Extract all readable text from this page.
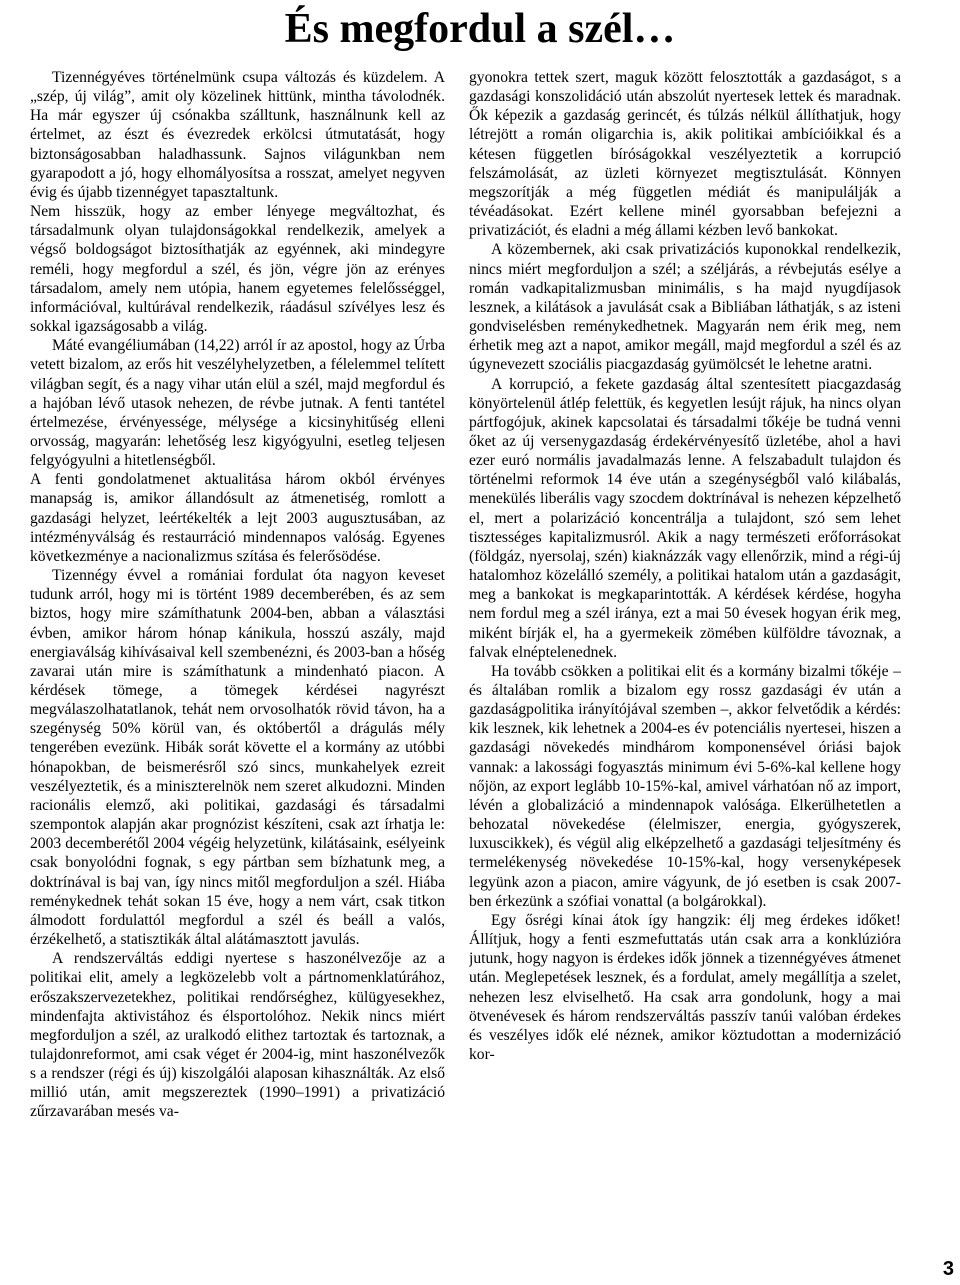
És megfordul a szél…

Tizennégyéves történelmünk csupa változás és küzdelem. A „szép, új világ”, amit oly közelinek hittünk, mintha távolodnék. Ha már egyszer új csónakba szálltunk, használnunk kell az értelmet, az észt és évezredek erkölcsi útmutatását, hogy biztonságosabban haladhassunk. Sajnos világunkban nem gyarapodott a jó, hogy elhomályosítsa a rosszat, amelyet negyven évig és újabb tizennégyet tapasztaltunk.

Nem hisszük, hogy az ember lényege megváltozhat, és társadalmunk olyan tulajdonságokkal rendelkezik, amelyek a végső boldogságot biztosíthatják az egyénnek, aki mindegyre reméli, hogy megfordul a szél, és jön, végre jön az erényes társadalom, amely nem utópia, hanem egyetemes felelősséggel, információval, kultúrával rendelkezik, ráadásul szívélyes lesz és sokkal igazságosabb a világ.

Máté evangéliumában (14,22) arról ír az apostol, hogy az Úrba vetett bizalom, az erős hit veszélyhelyzetben, a félelemmel telített világban segít, és a nagy vihar után elül a szél, majd megfordul és a hajóban lévő utasok nehezen, de révbe jutnak. A fenti tantétel értelmezése, érvényessége, mélysége a kicsinyhitűség elleni orvosság, magyarán: lehetőség lesz kigyógyulni, esetleg teljesen felgyógyulni a hitetlenségből.

A fenti gondolatmenet aktualitása három okból érvényes manapság is, amikor állandósult az átmenetiség, romlott a gazdasági helyzet, leértékelték a lejt 2003 augusztusában, az intézményválság és restaurráció mindennapos valóság. Egyenes következménye a nacionalizmus szítása és felerősödése.

Tizennégy évvel a romániai fordulat óta nagyon keveset tudunk arról, hogy mi is történt 1989 decemberében, és az sem biztos, hogy mire számíthatunk 2004-ben, abban a választási évben, amikor három hónap kánikula, hosszú aszály, majd energiaválság kihívásaival kell szembenézni, és 2003-ban a hőség zavarai után mire is számíthatunk a mindenható piacon. A kérdések tömege, a tömegek kérdései nagyrészt megválaszolhatatlanok, tehát nem orvosolhatók rövid távon, ha a szegénység 50% körül van, és októbertől a drágulás mély tengerében evezünk. Hibák sorát követte el a kormány az utóbbi hónapokban, de beismerésről szó sincs, munkahelyek ezreit veszélyeztetik, és a miniszterelnök nem szeret alkudozni. Minden racionális elemző, aki politikai, gazdasági és társadalmi szempontok alapján akar prognózist készíteni, csak azt írhatja le: 2003 decemberétől 2004 végéig helyzetünk, kilátásaink, esélyeink csak bonyolódni fognak, s egy pártban sem bízhatunk meg, a doktrínával is baj van, így nincs mitől megforduljon a szél. Hiába reménykednek tehát sokan 15 éve, hogy a nem várt, csak titkon álmodott fordulattól megfordul a szél és beáll a valós, érzékelhető, a statisztikák által alátámasztott javulás.

A rendszerváltás eddigi nyertese s haszonélvezője az a politikai elit, amely a legközelebb volt a pártnomenklatúrához, erőszakszervezetekhez, politikai rendőrséghez, külügyesekhez, mindenfajta aktivistához és élsportolóhoz. Nekik nincs miért megforduljon a szél, az uralkodó elithez tartoztak és tartoznak, a tulajdonreformot, ami csak véget ér 2004-ig, mint haszonélvezők s a rendszer (régi és új) kiszolgálói alaposan kihasználták. Az első millió után, amit megszereztek (1990–1991) a privatizáció zűrzavarában mesés va-

gyonokra tettek szert, maguk között felosztották a gazdaságot, s a gazdasági konszolidáció után abszolút nyertesek lettek és maradnak. Ők képezik a gazdaság gerincét, és túlzás nélkül állíthatjuk, hogy létrejött a román oligarchia is, akik politikai ambícióikkal és a kétesen független bíróságokkal veszélyeztetik a korrupció felszámolását, az üzleti környezet megtisztulását. Könnyen megszorítják a még független médiát és manipulálják a tévéadásokat. Ezért kellene minél gyorsabban befejezni a privatizációt, és eladni a még állami kézben levő bankokat.

A közembernek, aki csak privatizációs kuponokkal rendelkezik, nincs miért megforduljon a szél; a széljárás, a révbejutás esélye a román vadkapitalizmusban minimális, s ha majd nyugdíjasok lesznek, a kilátások a javulását csak a Bibliában láthatják, s az isteni gondviselésben reménykedhetnek. Magyarán nem érik meg, nem érhetik meg azt a napot, amikor megáll, majd megfordul a szél és az úgynevezett szociális piacgazdaság gyümölcsét le lehetne aratni.

A korrupció, a fekete gazdaság által szentesített piacgazdaság könyörtelenül átlép felettük, és kegyetlen lesújt rájuk, ha nincs olyan pártfogójuk, akinek kapcsolatai és társadalmi tőkéje be tudná venni őket az új versenygazdaság érdekérvényesítő üzletébe, ahol a havi ezer euró normális javadalmazás lenne. A felszabadult tulajdon és történelmi reformok 14 éve után a szegénységből való kilábalás, menekülés liberális vagy szocdem doktrínával is nehezen képzelhető el, mert a polarizáció koncentrálja a tulajdont, szó sem lehet tisztességes kapitalizmusról. Akik a nagy természeti erőforrásokat (földgáz, nyersolaj, szén) kiaknázzák vagy ellenőrzik, mind a régi-új hatalomhoz közelálló személy, a politikai hatalom után a gazdaságit, meg a bankokat is megkaparintották. A kérdések kérdése, hogyha nem fordul meg a szél iránya, ezt a mai 50 évesek hogyan érik meg, miként bírják el, ha a gyermekeik zömében külföldre távoznak, a falvak elnéptelenednek.

Ha tovább csökken a politikai elit és a kormány bizalmi tőkéje – és általában romlik a bizalom egy rossz gazdasági év után a gazdaságpolitika irányítójával szemben –, akkor felvetődik a kérdés: kik lesznek, kik lehetnek a 2004-es év potenciális nyertesei, hiszen a gazdasági növekedés mindhárom komponensével óriási bajok vannak: a lakossági fogyasztás minimum évi 5-6%-kal kellene hogy nőjön, az export leglább 10-15%-kal, amivel várhatóan nő az import, lévén a globalizáció a mindennapok valósága. Elkerülhetetlen a behozatal növekedése (élelmiszer, energia, gyógyszerek, luxuscikkek), és végül alig elképzelhető a gazdasági teljesítmény és termelékenység növekedése 10-15%-kal, hogy versenyképesek legyünk azon a piacon, amire vágyunk, de jó esetben is csak 2007-ben érkezünk a szófiai vonattal (a bolgárokkal).

Egy ősrégi kínai átok így hangzik: élj meg érdekes időket! Állítjuk, hogy a fenti eszmefuttatás után csak arra a konklúzióra jutunk, hogy nagyon is érdekes idők jönnek a tizennégyéves átmenet után. Meglepetések lesznek, és a fordulat, amely megállítja a szelet, nehezen lesz elviselhető. Ha csak arra gondolunk, hogy a mai ötvenévesek és három rendszerváltás passzív tanúi valóban érdekes és veszélyes idők elé néznek, amikor köztudottan a modernizáció kor-

3
